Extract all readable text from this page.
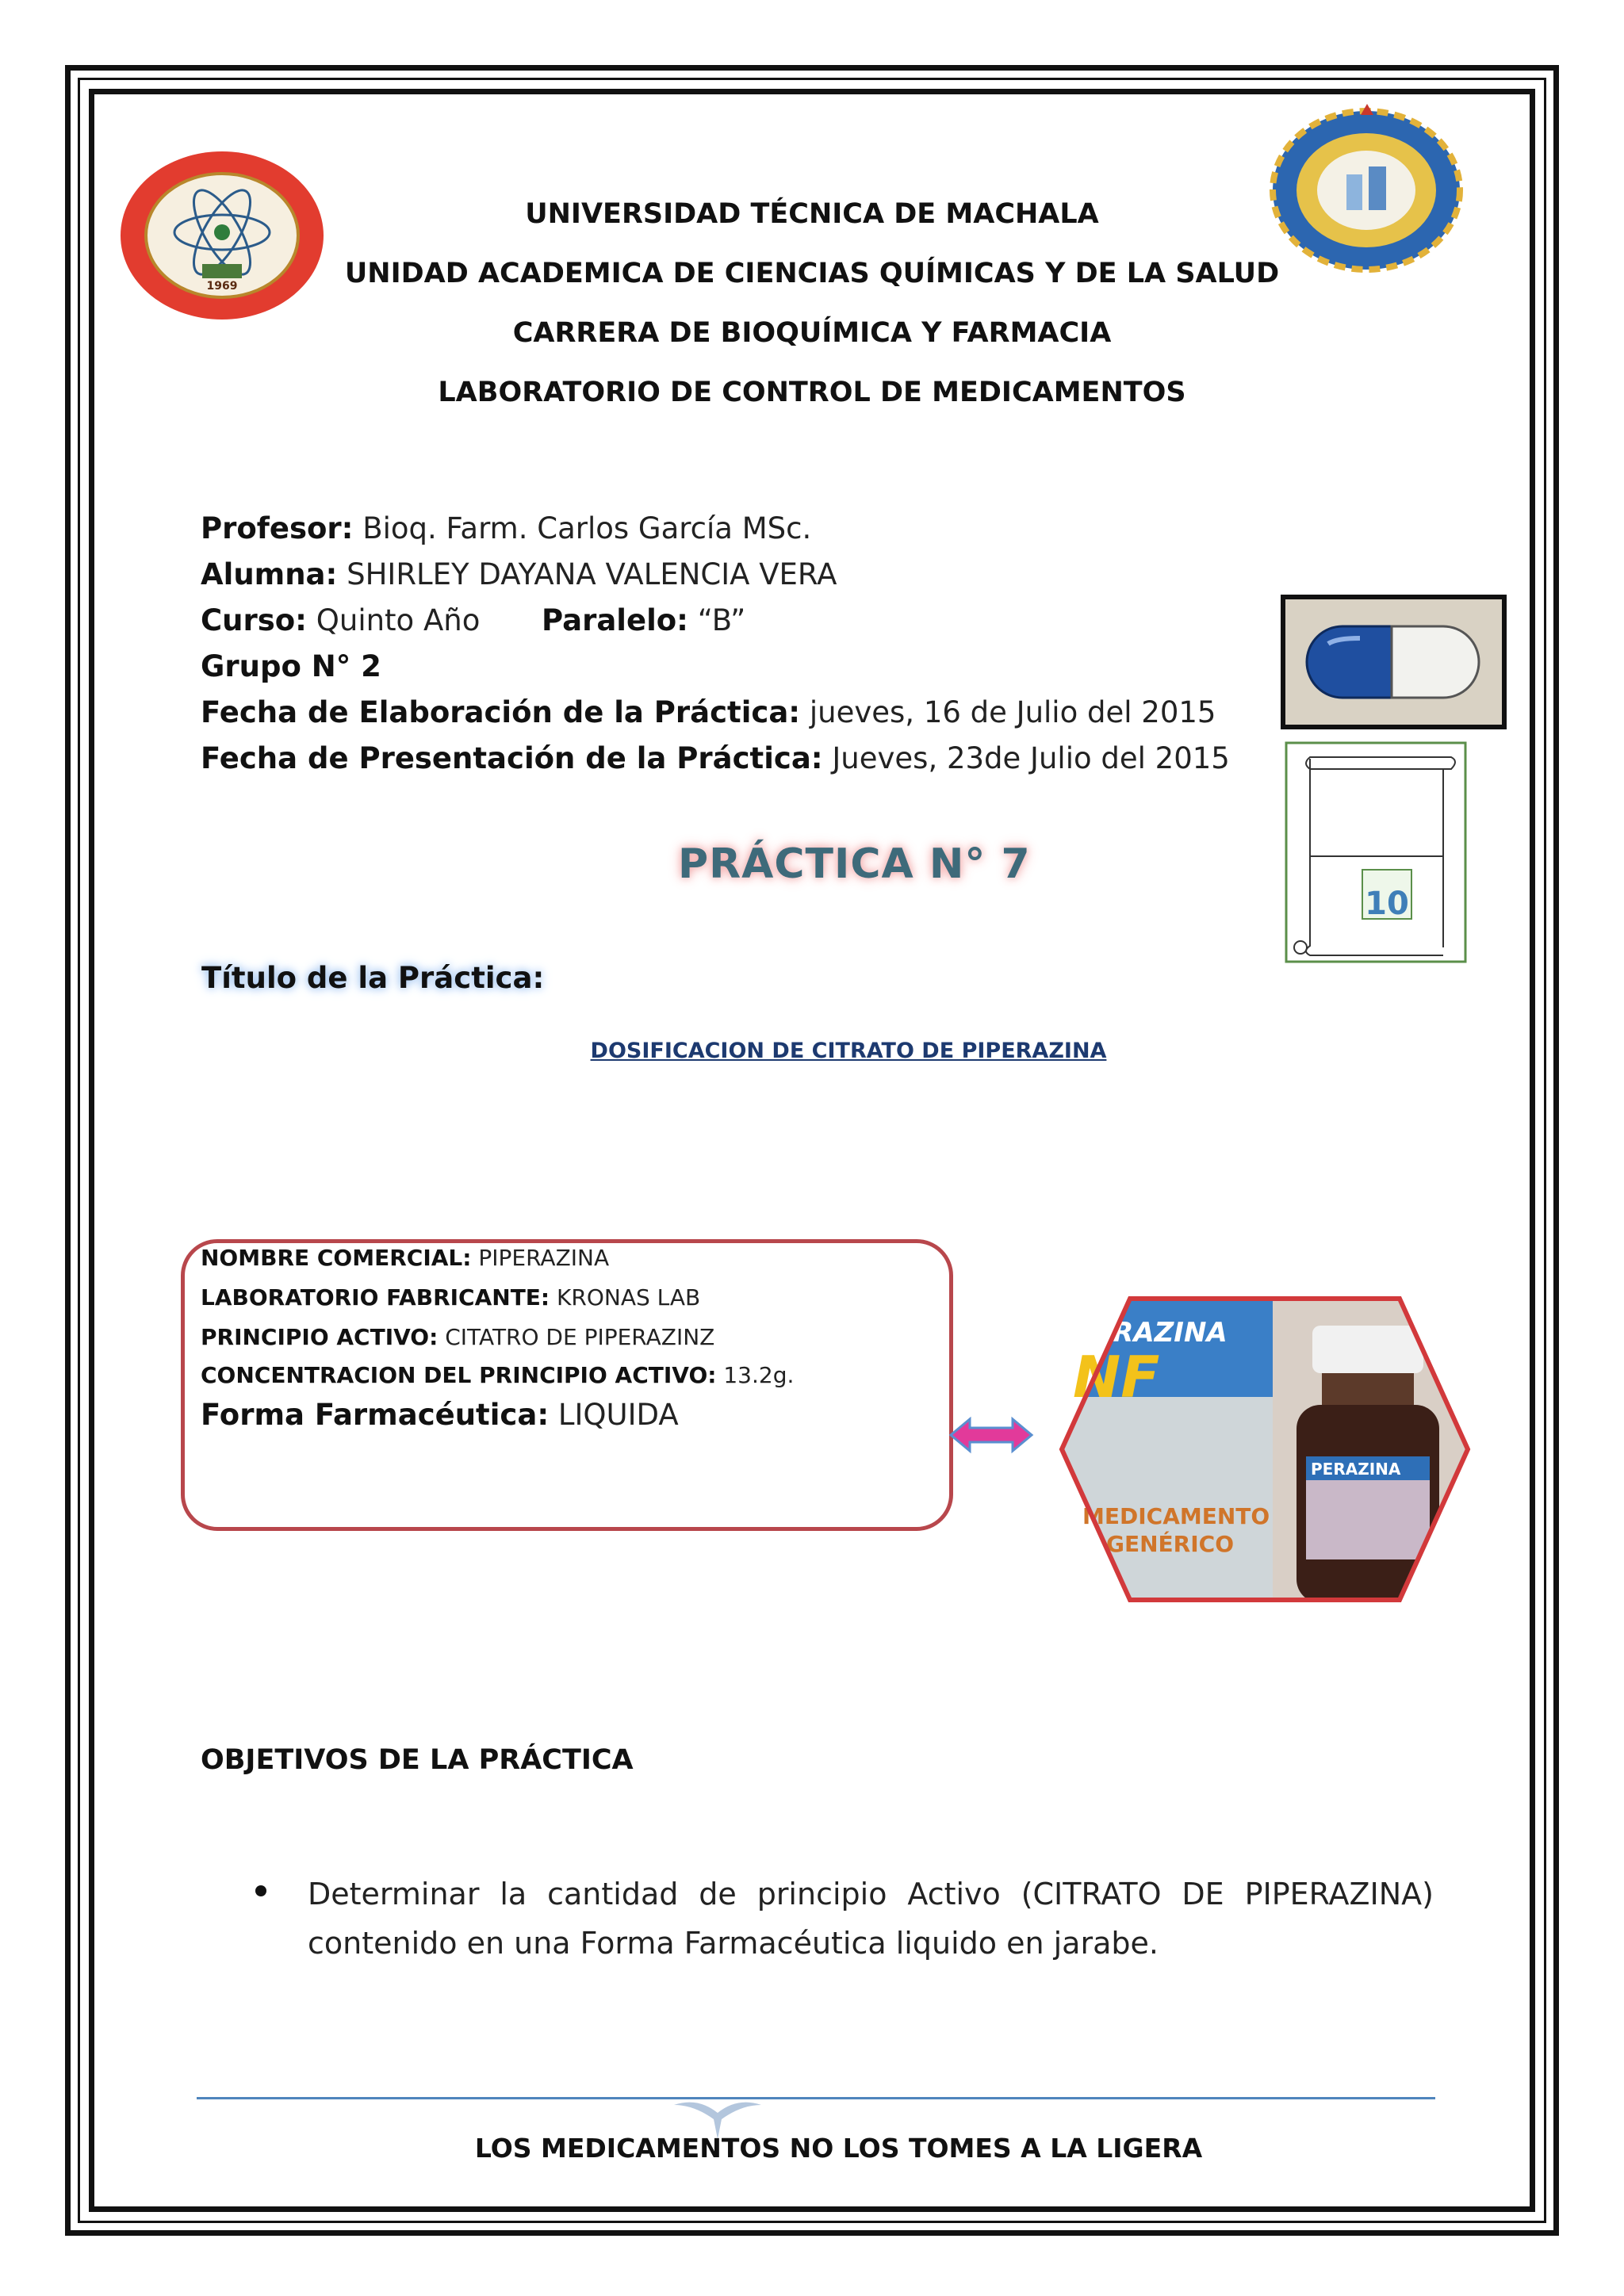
1969
UNIVERSIDAD TÉCNICA DE MACHALA
UNIDAD ACADEMICA DE CIENCIAS QUÍMICAS Y DE LA SALUD
CARRERA DE BIOQUÍMICA Y FARMACIA
LABORATORIO DE CONTROL DE MEDICAMENTOS
Profesor: Bioq. Farm. Carlos García MSc.
Alumna: SHIRLEY DAYANA VALENCIA VERA
Curso: Quinto Año Paralelo: “B”
Grupo N° 2
Fecha de Elaboración de la Práctica: jueves, 16 de Julio del 2015
Fecha de Presentación de la Práctica: Jueves, 23de Julio del 2015
10
PRÁCTICA N° 7
Título de la Práctica:
DOSIFICACION DE CITRATO DE PIPERAZINA
NOMBRE COMERCIAL: PIPERAZINA
LABORATORIO FABRICANTE: KRONAS LAB
PRINCIPIO ACTIVO: CITATRO DE PIPERAZINZ
CONCENTRACION DEL PRINCIPIO ACTIVO: 13.2g.
Forma Farmacéutica: LIQUIDA
PERAZINA
NF
MEDICAMENTO
GENÉRICO
PERAZINA
OBJETIVOS DE LA PRÁCTICA
Determinar la cantidad de principio Activo (CITRATO DE PIPERAZINA) contenido en una Forma Farmacéutica liquido en jarabe.
LOS MEDICAMENTOS NO LOS TOMES A LA LIGERA
